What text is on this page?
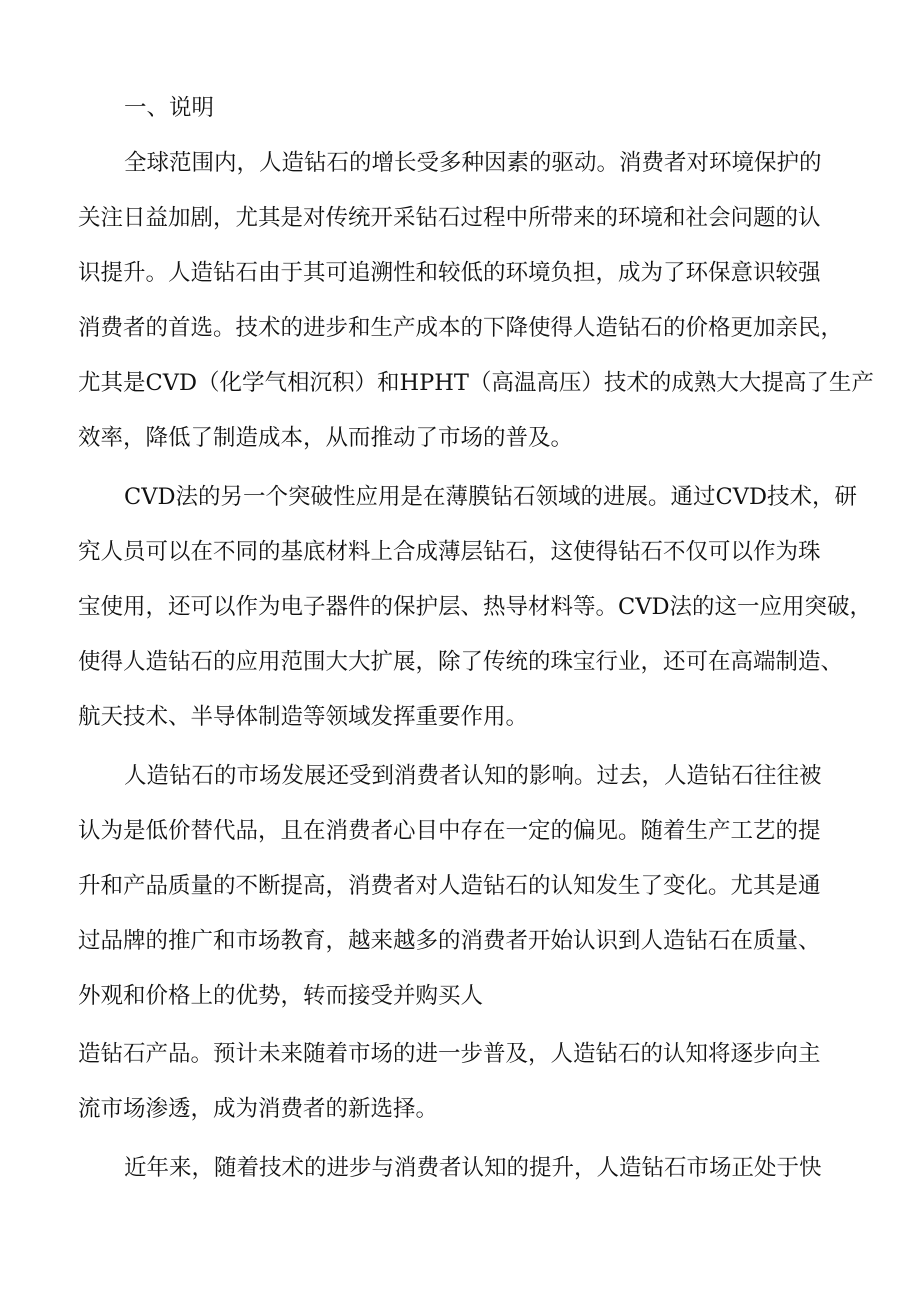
一、说明
全球范围内，人造钻石的增长受多种因素的驱动。消费者对环境保护的
关注日益加剧，尤其是对传统开采钻石过程中所带来的环境和社会问题的认
识提升。人造钻石由于其可追溯性和较低的环境负担，成为了环保意识较强
消费者的首选。技术的进步和生产成本的下降使得人造钻石的价格更加亲民，
尤其是CVD（化学气相沉积）和HPHT（高温高压）技术的成熟大大提高了生产
效率，降低了制造成本，从而推动了市场的普及。
CVD法的另一个突破性应用是在薄膜钻石领域的进展。通过CVD技术，研
究人员可以在不同的基底材料上合成薄层钻石，这使得钻石不仅可以作为珠
宝使用，还可以作为电子器件的保护层、热导材料等。CVD法的这一应用突破，
使得人造钻石的应用范围大大扩展，除了传统的珠宝行业，还可在高端制造、
航天技术、半导体制造等领域发挥重要作用。
人造钻石的市场发展还受到消费者认知的影响。过去，人造钻石往往被
认为是低价替代品，且在消费者心目中存在一定的偏见。随着生产工艺的提
升和产品质量的不断提高，消费者对人造钻石的认知发生了变化。尤其是通
过品牌的推广和市场教育，越来越多的消费者开始认识到人造钻石在质量、
外观和价格上的优势，转而接受并购买人
造钻石产品。预计未来随着市场的进一步普及，人造钻石的认知将逐步向主
流市场渗透，成为消费者的新选择。
近年来，随着技术的进步与消费者认知的提升，人造钻石市场正处于快
